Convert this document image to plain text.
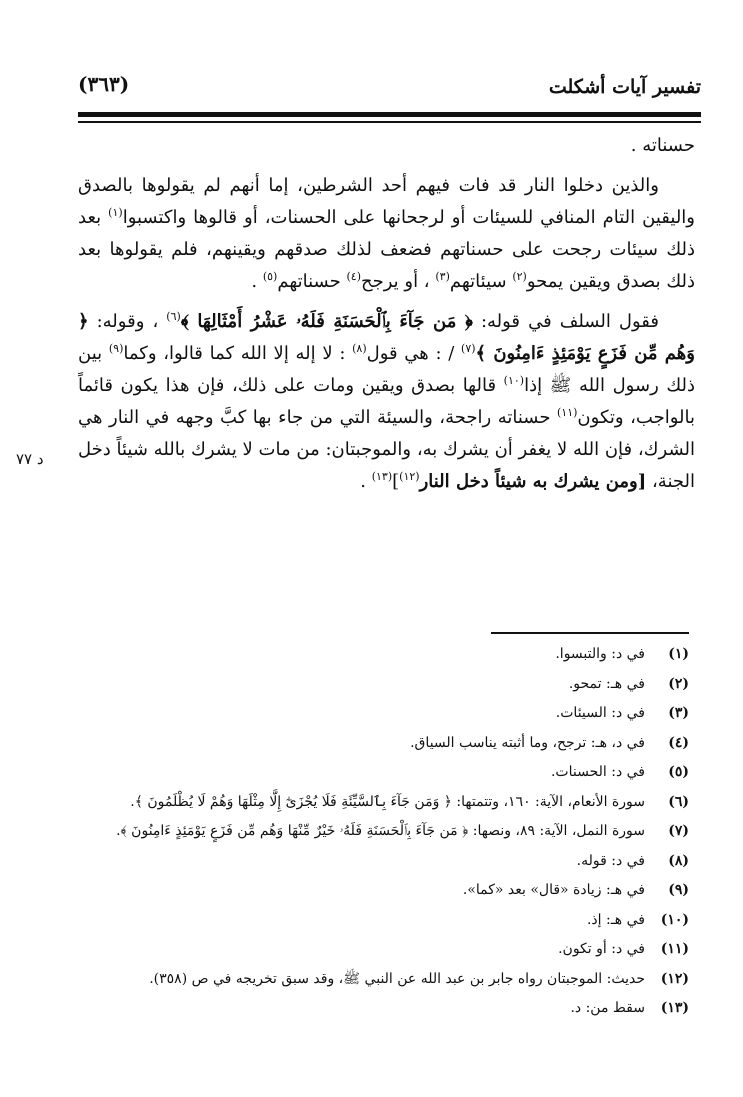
(٣٦٣)	تفسير آيات أشكلت
د ٧٧

حسناته .

والذين دخلوا النار قد فات فيهم أحد الشرطين، إما أنهم لم يقولوها بالصدق واليقين التام المنافي للسيئات أو لرجحانها على الحسنات، أو قالوها واكتسبوا$^{(١)}$ بعد ذلك سيئات رجحت على حسناتهم فضعف لذلك صدقهم ويقينهم، فلم يقولوها بعد ذلك بصدق ويقين يمحو$^{(٢)}$ سيئاتهم$^{(٣)}$ ، أو يرجح$^{(٤)}$ حسناتهم$^{(٥)}$ .

فقول السلف في قوله: ﴿ مَن جَآءَ بِٱلْحَسَنَةِ فَلَهُۥ عَشْرُ أَمْثَالِهَا ﴾$^{(٦)}$ ، وقوله: ﴿ وَهُم مِّن فَزَعٍ يَوْمَئِذٍ ءَامِنُونَ ﴾$^{(٧)}$ / : هي قول$^{(٨)}$ : لا إله إلا الله كما قالوا، وكما$^{(٩)}$ بين ذلك رسول الله ﷺ إذا$^{(١٠)}$ قالها بصدق ويقين ومات على ذلك، فإن هذا يكون قائماً بالواجب، وتكون$^{(١١)}$ حسناته راجحة، والسيئة التي من جاء بها كبَّ وجهه في النار هي الشرك، فإن الله لا يغفر أن يشرك به، والموجبتان: من مات لا يشرك بالله شيئاً دخل الجنة، [ومن يشرك به شيئاً دخل النار$^{(١٢)}$]$^{(١٣)}$ .

(١)
في د: والتبسوا.
(٢)
في هـ: تمحو.
(٣)
في د: السيئات.
(٤)
في د، هـ: ترجح، وما أثبته يناسب السياق.
(٥)
في د: الحسنات.
(٦)
سورة الأنعام، الآية: ١٦٠، وتتمتها: ﴿ وَمَن جَآءَ بِٱلسَّيِّئَةِ فَلَا يُجْزَىٰٓ إِلَّا مِثْلَهَا وَهُمْ لَا يُظْلَمُونَ ﴾.
(٧)
سورة النمل، الآية: ٨٩، ونصها: ﴿ مَن جَآءَ بِٱلْحَسَنَةِ فَلَهُۥ خَيْرٌ مِّنْهَا وَهُم مِّن فَزَعٍ يَوْمَئِذٍ ءَامِنُونَ ﴾.
(٨)
في د: قوله.
(٩)
في هـ: زيادة «قال» بعد «كما».
(١٠)
في هـ: إذ.
(١١)
في د: أو تكون.
(١٢)
حديث: الموجبتان رواه جابر بن عبد الله عن النبي ﷺ، وقد سبق تخريجه في ص (٣٥٨).
(١٣)
سقط من: د.
